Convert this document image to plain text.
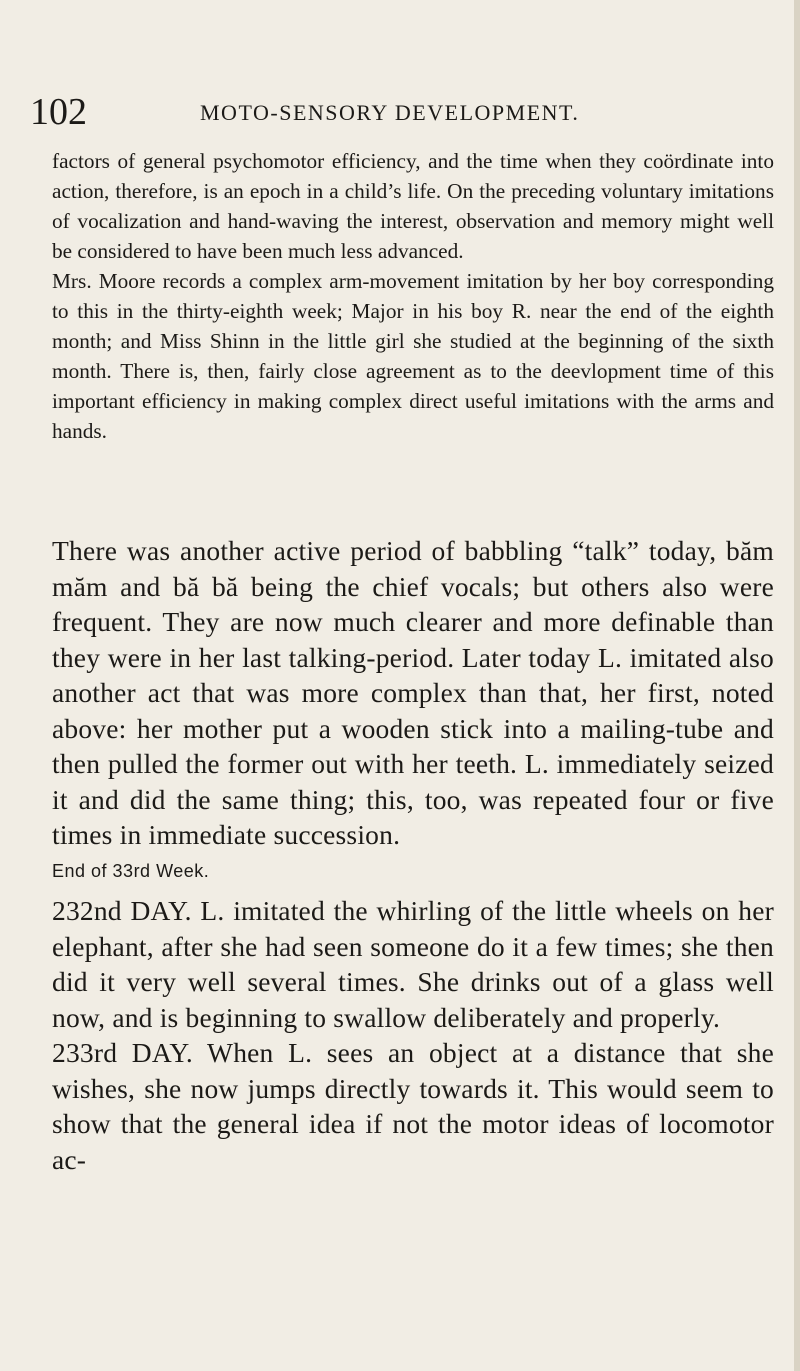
102	MOTO-SENSORY DEVELOPMENT.

factors of general psychomotor efficiency, and the time when they coördinate into action, therefore, is an epoch in a child’s life. On the preceding voluntary imitations of vocalization and hand-waving the interest, observation and memory might well be considered to have been much less advanced.

Mrs. Moore records a complex arm-movement imitation by her boy corresponding to this in the thirty-eighth week; Major in his boy R. near the end of the eighth month; and Miss Shinn in the little girl she studied at the beginning of the sixth month. There is, then, fairly close agreement as to the deevlopment time of this important efficiency in making complex direct useful imitations with the arms and hands.

There was another active period of babbling “talk” today, băm măm and bă bă being the chief vocals; but others also were frequent. They are now much clearer and more definable than they were in her last talking-period. Later today L. imitated also another act that was more complex than that, her first, noted above: her mother put a wooden stick into a mailing-tube and then pulled the former out with her teeth. L. immediately seized it and did the same thing; this, too, was repeated four or five times in immediate succession.

End of 33rd Week.

232nd DAY. L. imitated the whirling of the little wheels on her elephant, after she had seen someone do it a few times; she then did it very well several times. She drinks out of a glass well now, and is beginning to swallow deliberately and properly.

233rd DAY. When L. sees an object at a distance that she wishes, she now jumps directly towards it. This would seem to show that the general idea if not the motor ideas of locomotor ac-
